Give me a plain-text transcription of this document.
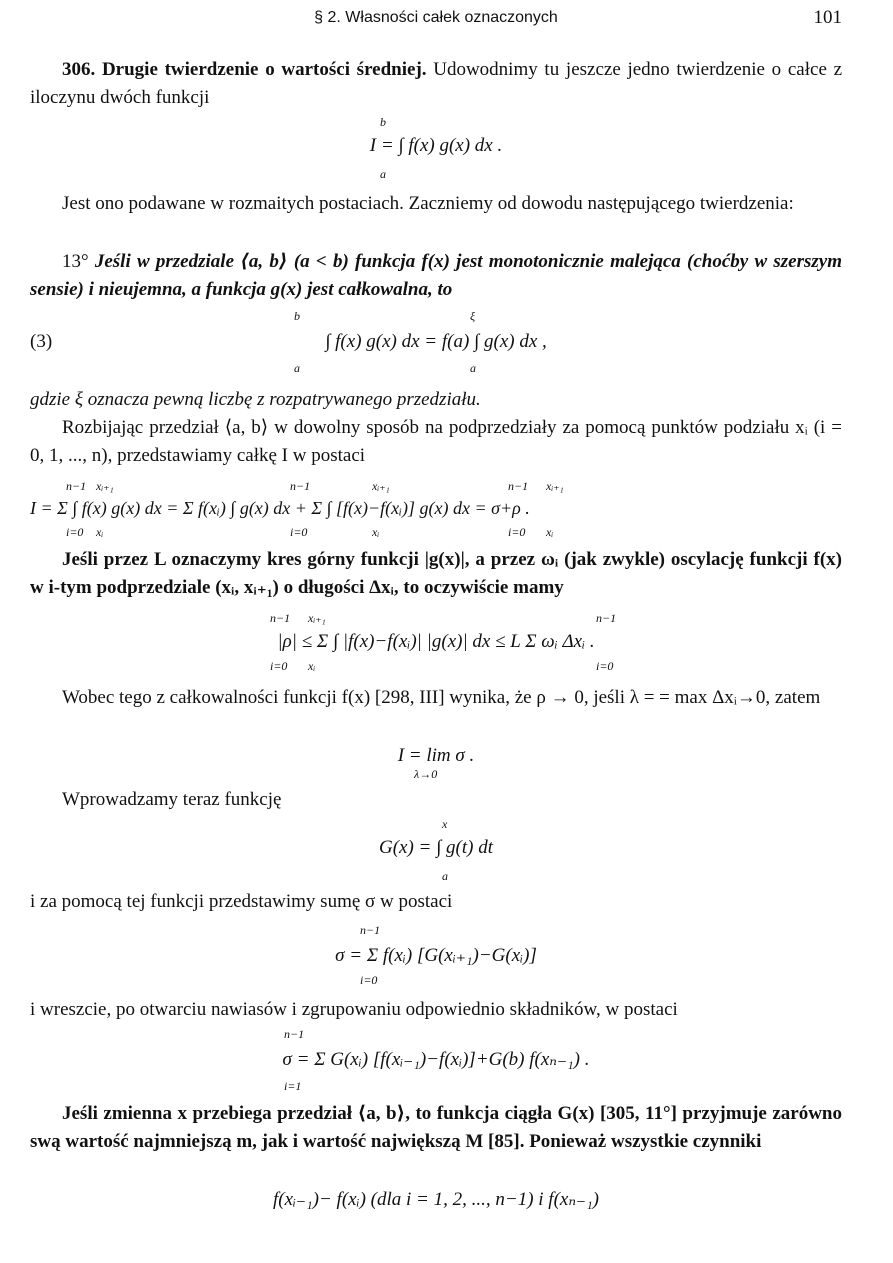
§ 2. Własności całek oznaczonych	101
306. Drugie twierdzenie o wartości średniej. Udowodnimy tu jeszcze jedno twierdzenie o całce z iloczynu dwóch funkcji
b
I = ∫ f(x) g(x) dx .
a
Jest ono podawane w rozmaitych postaciach. Zaczniemy od dowodu następującego twierdzenia:
13° Jeśli w przedziale ⟨a, b⟩ (a < b) funkcja f(x) jest monotonicznie malejąca (choćby w szerszym sensie) i nieujemna, a funkcja g(x) jest całkowalna, to
b	ξ
(3)	∫ f(x) g(x) dx = f(a) ∫ g(x) dx ,
a	a
gdzie ξ oznacza pewną liczbę z rozpatrywanego przedziału.
Rozbijając przedział ⟨a, b⟩ w dowolny sposób na podprzedziały za pomocą punktów podziału xᵢ (i = 0, 1, ..., n), przedstawiamy całkę I w postaci
n−1 xᵢ₊₁	n−1	xᵢ₊₁	n−1 xᵢ₊₁
I = Σ ∫ f(x) g(x) dx = Σ f(xᵢ) ∫ g(x) dx + Σ ∫ [f(x)−f(xᵢ)] g(x) dx = σ+ρ .
i=0 xᵢ	i=0	xᵢ	i=0 xᵢ
Jeśli przez L oznaczymy kres górny funkcji |g(x)|, a przez ωᵢ (jak zwykle) oscylację funkcji f(x) w i-tym podprzedziale (xᵢ, xᵢ₊₁) o długości Δxᵢ, to oczywiście mamy
n−1 xᵢ₊₁	n−1
|ρ| ≤ Σ ∫ |f(x)−f(xᵢ)| |g(x)| dx ≤ L Σ ωᵢ Δxᵢ .
i=0 xᵢ	i=0
Wobec tego z całkowalności funkcji f(x) [298, III] wynika, że ρ → 0, jeśli λ = = max Δxᵢ→0, zatem
I = lim σ .
λ→0
Wprowadzamy teraz funkcję
x
G(x) = ∫ g(t) dt
a
i za pomocą tej funkcji przedstawimy sumę σ w postaci
n−1
σ = Σ f(xᵢ) [G(xᵢ₊₁)−G(xᵢ)]
i=0
i wreszcie, po otwarciu nawiasów i zgrupowaniu odpowiednio składników, w postaci
n−1
σ = Σ G(xᵢ) [f(xᵢ₋₁)−f(xᵢ)]+G(b) f(xₙ₋₁) .
i=1
Jeśli zmienna x przebiega przedział ⟨a, b⟩, to funkcja ciągła G(x) [305, 11°] przyjmuje zarówno swą wartość najmniejszą m, jak i wartość największą M [85]. Ponieważ wszystkie czynniki
f(xᵢ₋₁)− f(xᵢ) (dla i = 1, 2, ..., n−1) i f(xₙ₋₁)
